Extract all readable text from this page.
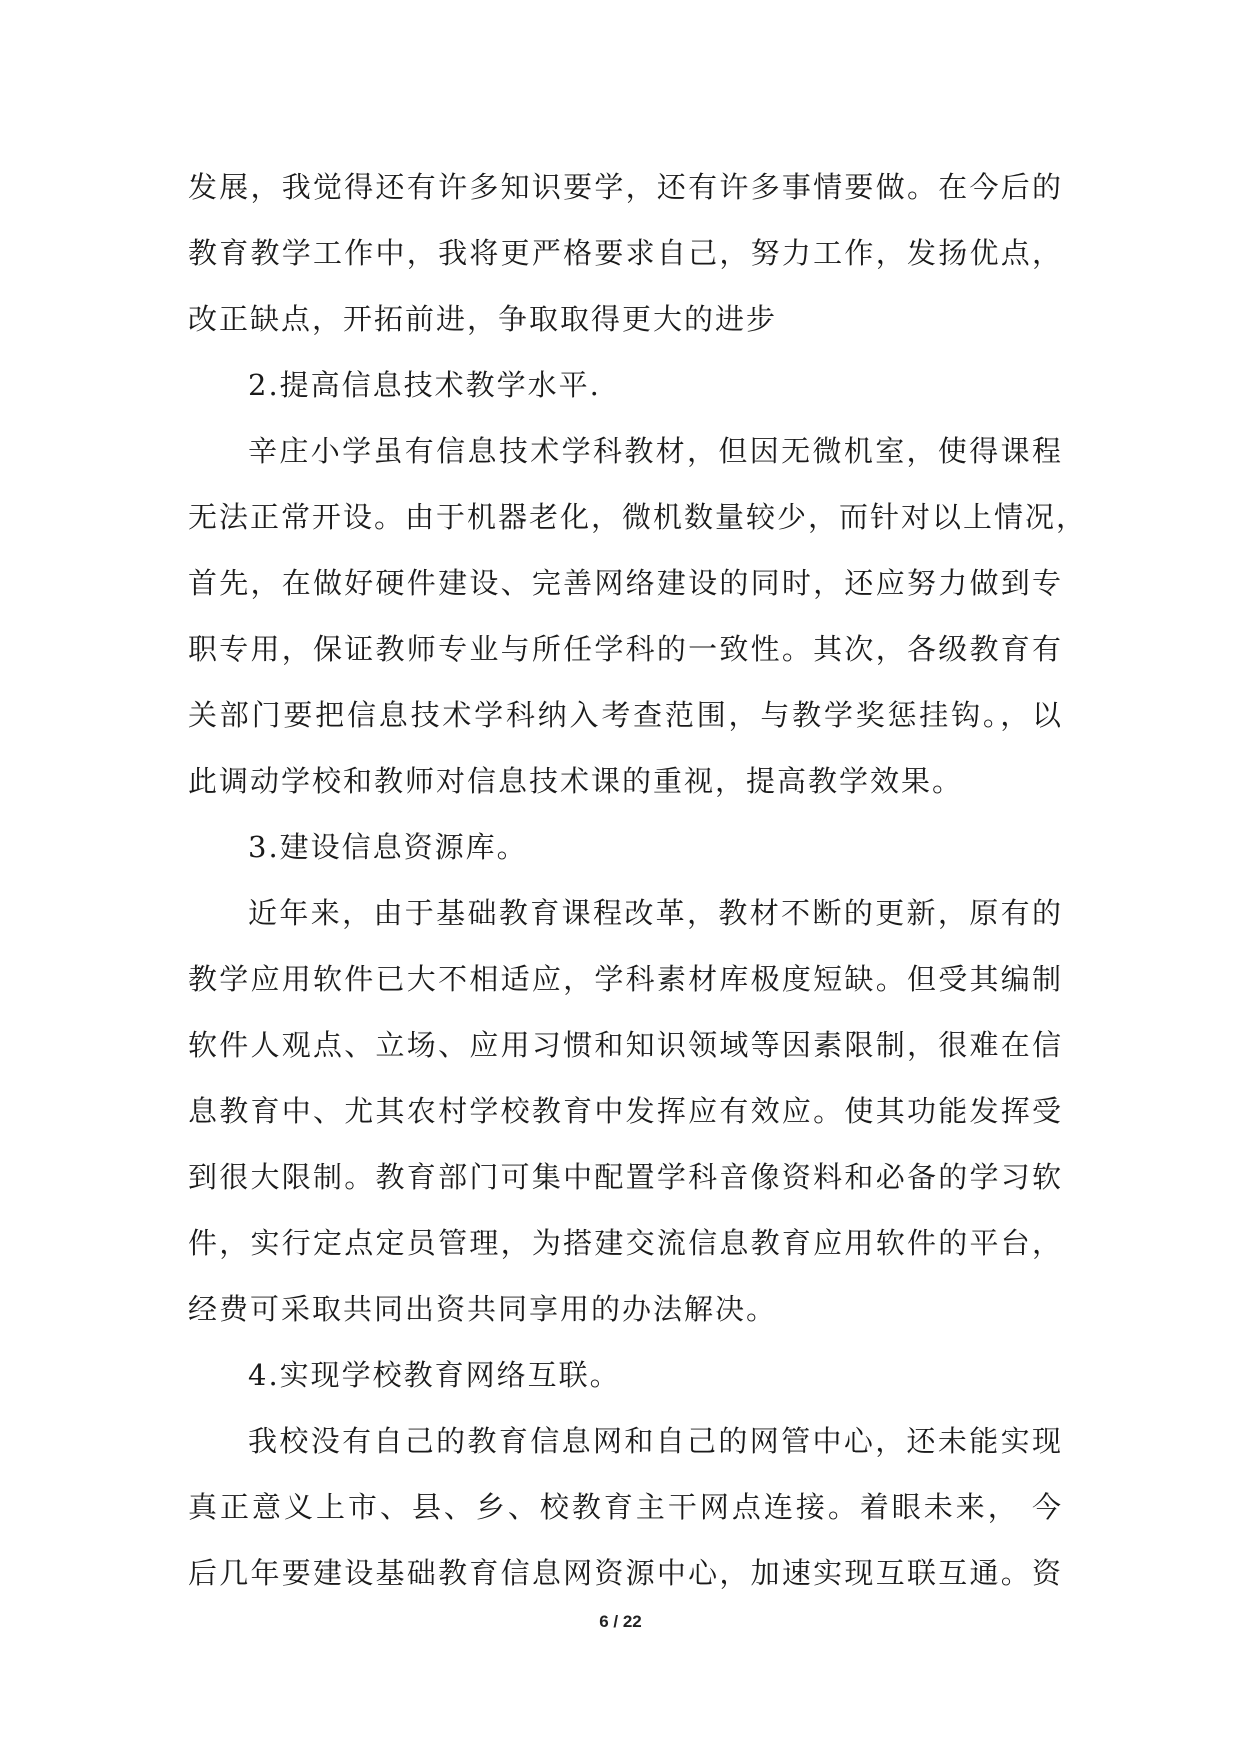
发展，我觉得还有许多知识要学，还有许多事情要做。在今后的
教育教学工作中，我将更严格要求自己，努力工作，发扬优点，
改正缺点，开拓前进，争取取得更大的进步
2.提高信息技术教学水平.
辛庄小学虽有信息技术学科教材，但因无微机室，使得课程
无法正常开设。由于机器老化，微机数量较少，而针对以上情况，
首先，在做好硬件建设、完善网络建设的同时，还应努力做到专
职专用，保证教师专业与所任学科的一致性。其次，各级教育有
关部门要把信息技术学科纳入考查范围，与教学奖惩挂钩。，以
此调动学校和教师对信息技术课的重视，提高教学效果。
3.建设信息资源库。
近年来，由于基础教育课程改革，教材不断的更新，原有的
教学应用软件已大不相适应，学科素材库极度短缺。但受其编制
软件人观点、立场、应用习惯和知识领域等因素限制，很难在信
息教育中、尤其农村学校教育中发挥应有效应。使其功能发挥受
到很大限制。教育部门可集中配置学科音像资料和必备的学习软
件，实行定点定员管理，为搭建交流信息教育应用软件的平台，
经费可采取共同出资共同享用的办法解决。
4.实现学校教育网络互联。
我校没有自己的教育信息网和自己的网管中心，还未能实现
真正意义上市、县、乡、校教育主干网点连接。着眼未来， 今
后几年要建设基础教育信息网资源中心，加速实现互联互通。资
6 / 22
